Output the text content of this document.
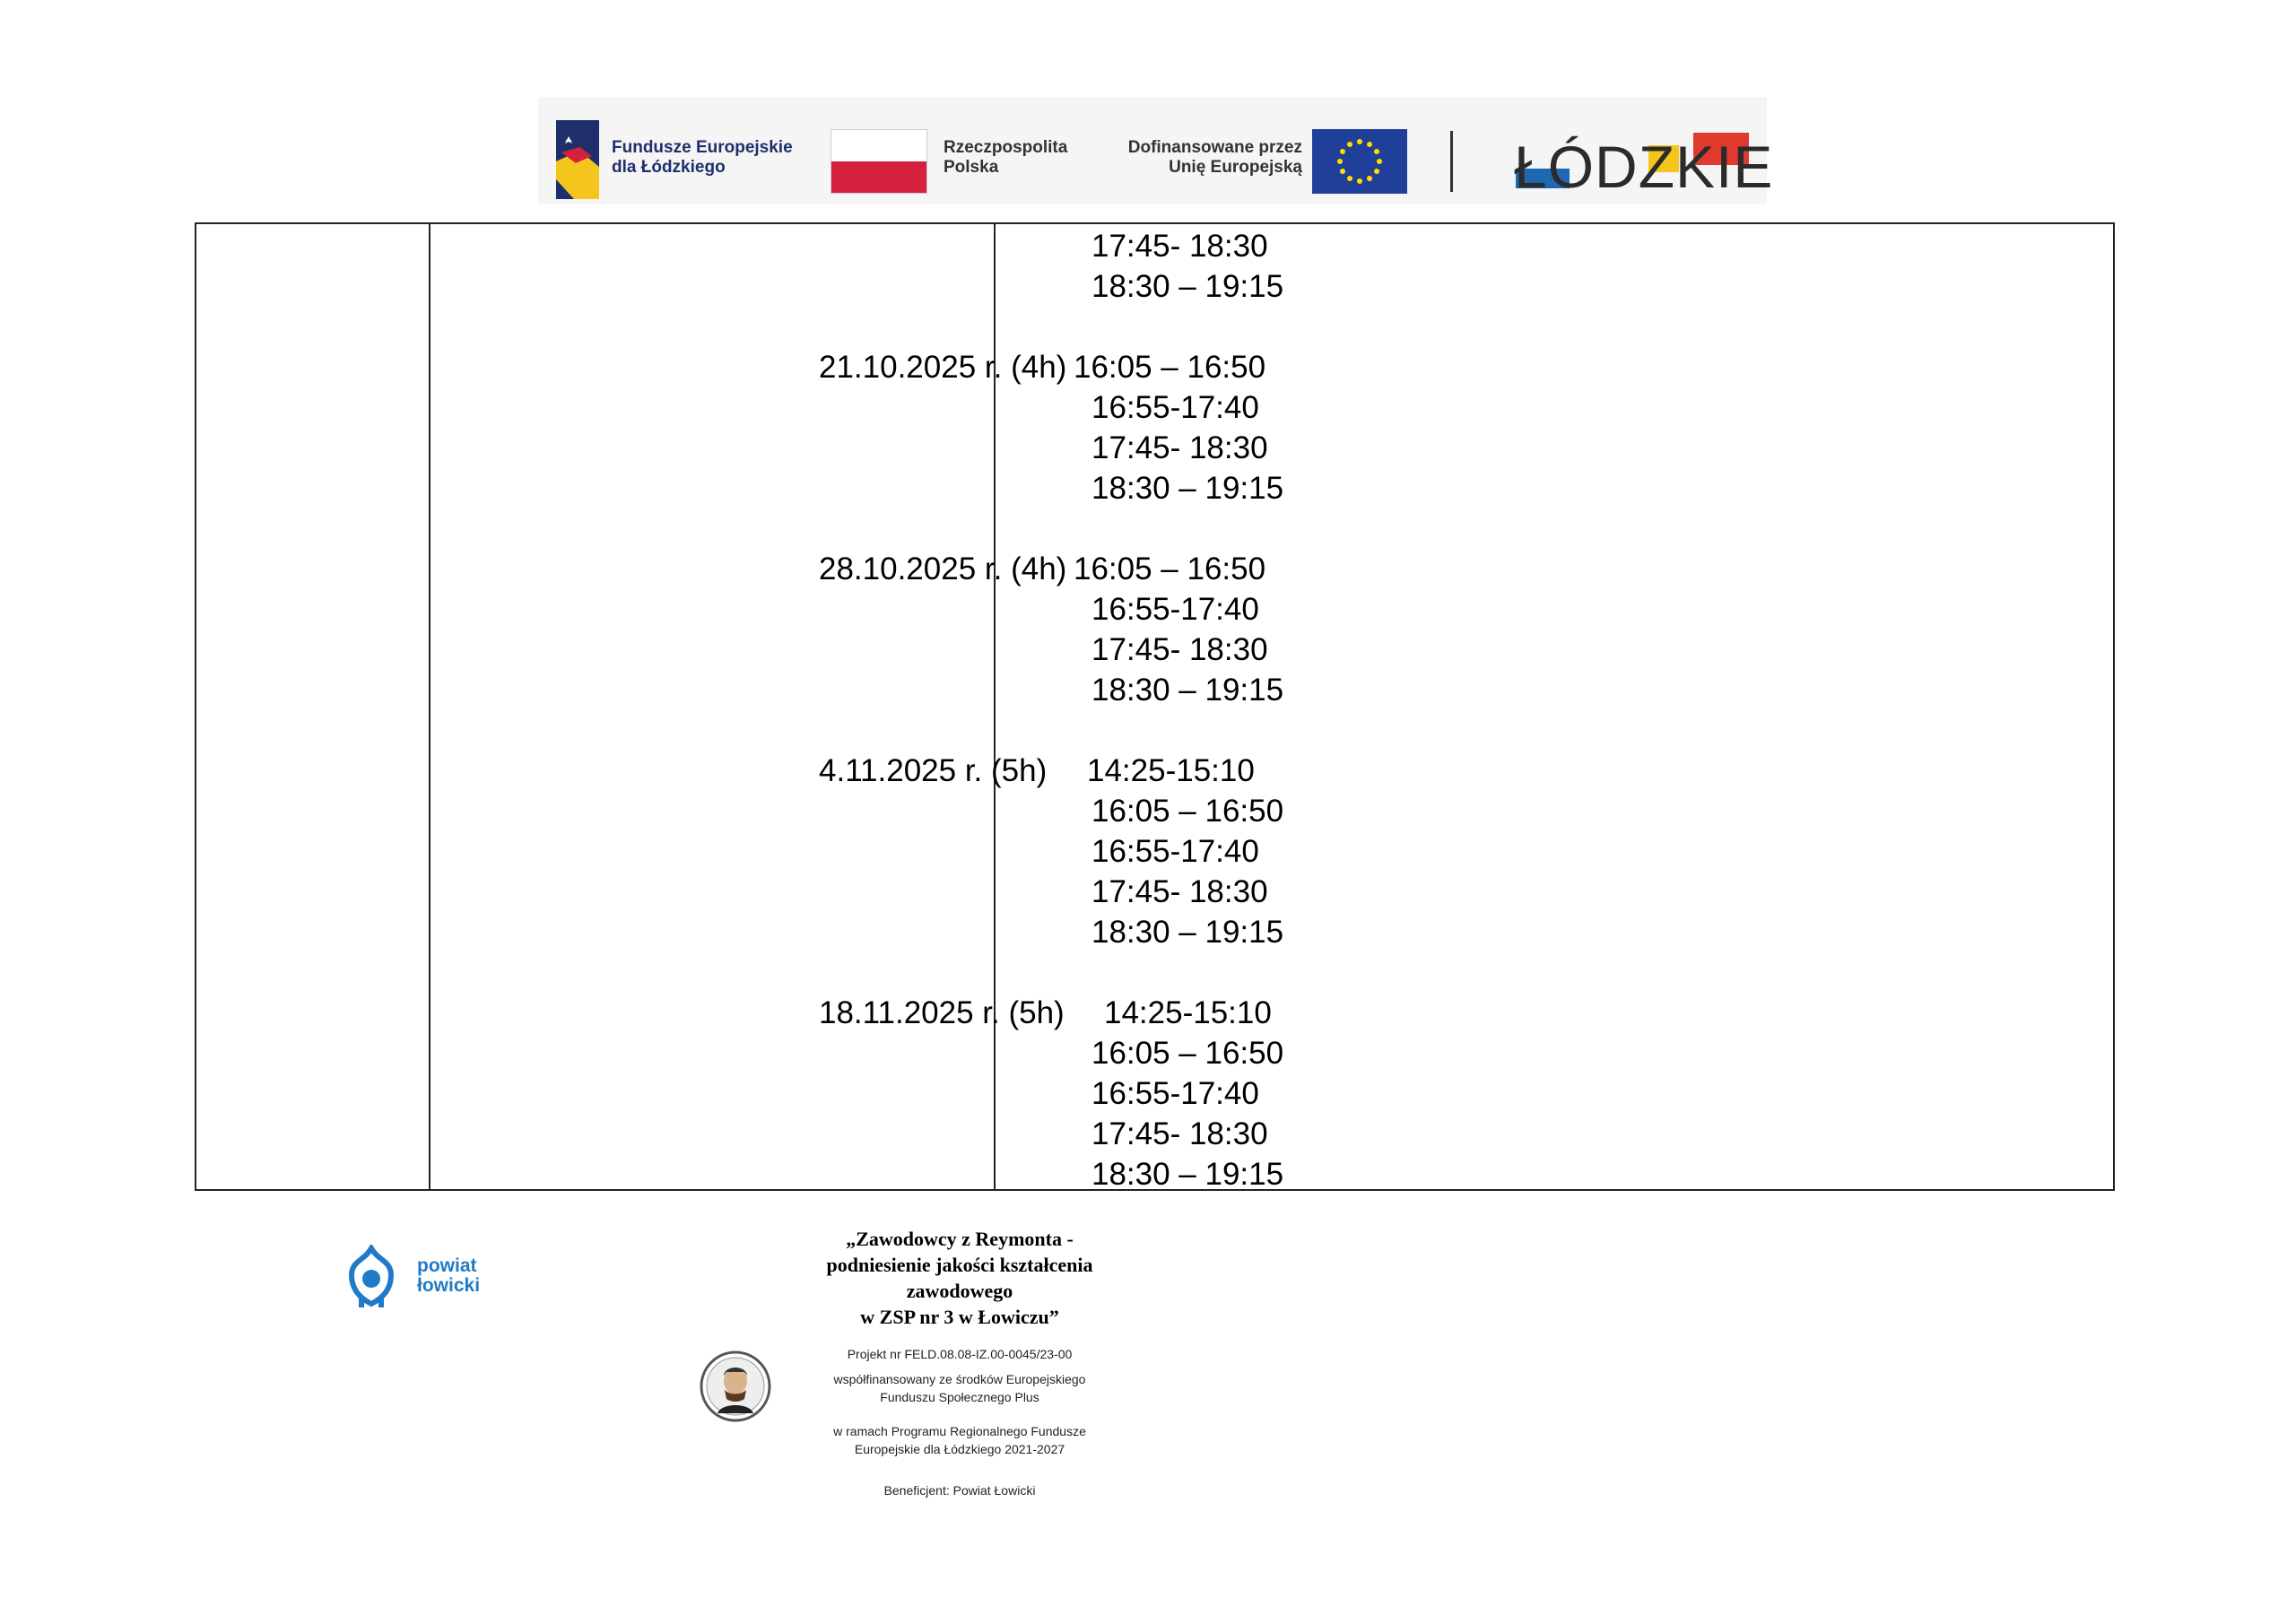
Fundusze Europejskie
dla Łódzkiego
Rzeczpospolita
Polska
Dofinansowane przez
Unię Europejską	ŁÓDZKIE
17:45- 18:30
18:30 – 19:15
21.10.2025 r. (4h) 16:05 – 16:50
16:55-17:40
17:45- 18:30
18:30 – 19:15
28.10.2025 r. (4h) 16:05 – 16:50
16:55-17:40
17:45- 18:30
18:30 – 19:15
4.11.2025 r. (5h) 14:25-15:10
16:05 – 16:50
16:55-17:40
17:45- 18:30
18:30 – 19:15
18.11.2025 r. (5h) 14:25-15:10
16:05 – 16:50
16:55-17:40
17:45- 18:30
18:30 – 19:15
powiat
łowicki
„Zawodowcy z Reymonta -
podniesienie jakości kształcenia
zawodowego
w ZSP nr 3 w Łowiczu”
Projekt nr FELD.08.08-IZ.00-0045/23-00
współfinansowany ze środków Europejskiego
Funduszu Społecznego Plus
w ramach Programu Regionalnego Fundusze
Europejskie dla Łódzkiego 2021-2027
Beneficjent: Powiat Łowicki
